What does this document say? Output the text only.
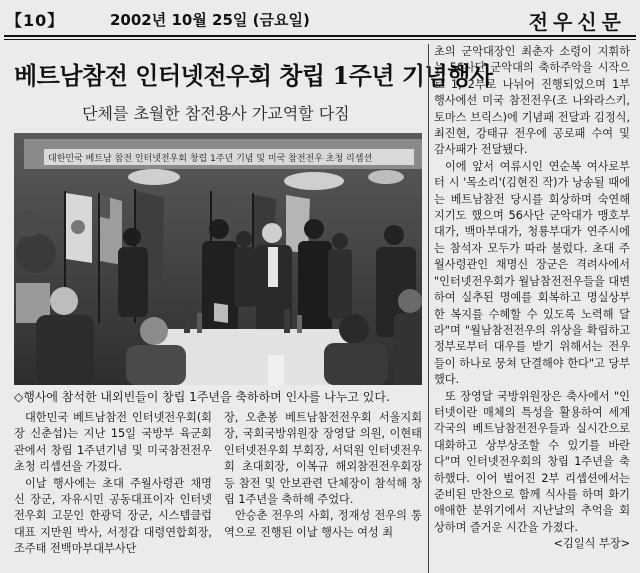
【10】	2002년 10월 25일 (금요일)	전우신문
베트남참전 인터넷전우회 창립 1주년 기념행사
단체를 초월한 참전용사 가교역할 다짐
대한민국 베트남 참전 인터넷전우회 창립 1주년 기념 및 미국 참전전우 초청 리셉션
◇행사에 참석한 내외빈들이 창립 1주년을 축하하며 인사를 나누고 있다.

대한민국 베트남참전 인터넷전우회(회장 신춘섭)는 지난 15일 국방부 육군회관에서 창립 1주년기념 및 미국참전전우 초청 리셉션을 가졌다.

이날 행사에는 초대 주월사령관 채명신 장군, 자유시민 공동대표이자 인터넷전우회 고문인 한광덕 장군, 시스템클럽 대표 지만원 박사, 서정갑 대령연합회장, 조주태 전백마부대부사단

장, 오춘봉 베트남참전전우회 서울지회장, 국회국방위원장 장영달 의원, 이현태 인터넷전우회 부회장, 서덕원 인터넷전우회 초대회장, 이복규 해외참전전우회장 등 참전 및 안보관련 단체장이 참석해 창립 1주년을 축하해 주었다.

안승춘 전우의 사회, 정재성 전우의 통역으로 진행된 이날 행사는 여성 최

초의 군악대장인 최춘자 소령이 지휘하는 56사단 군악대의 축하주악을 시작으로 1, 2부로 나뉘어 진행되었으며 1부 행사에선 미국 참전전우(조 나와라스키, 토마스 브릭스)에 기념패 전달과 김정식, 최진현, 강태규 전우에 공로패 수여 및 감사패가 전달됐다.

이에 앞서 여류시인 연순복 여사로부터 시 '목소리'(김현진 작)가 낭송될 때에는 베트남참전 당시를 회상하며 숙연해지기도 했으며 56사단 군악대가 맹호부대가, 백마부대가, 청룡부대가 연주시에는 참석자 모두가 따라 불렀다. 초대 주월사령관인 채명신 장군은 격려사에서 "인터넷전우회가 월남참전전우들을 대변하여 실추된 명예를 회복하고 명실상부한 복지를 수혜할 수 있도록 노력해 달라"며 "월남참전전우의 위상을 확립하고 정부로부터 대우를 받기 위해서는 전우들이 하나로 뭉쳐 단결해야 한다"고 당부했다.

또 장영달 국방위원장은 축사에서 "인터넷이란 매체의 특성을 활용하여 세계 각국의 베트남참전전우들과 실시간으로 대화하고 상부상조할 수 있기를 바란다"며 인터넷전우회의 창립 1주년을 축하했다. 이어 벌어진 2부 리셉션에서는 준비된 만찬으로 함께 식사를 하며 화기애애한 분위기에서 지난날의 추억을 회상하며 즐거운 시간을 가졌다.

<김일식 부장>
